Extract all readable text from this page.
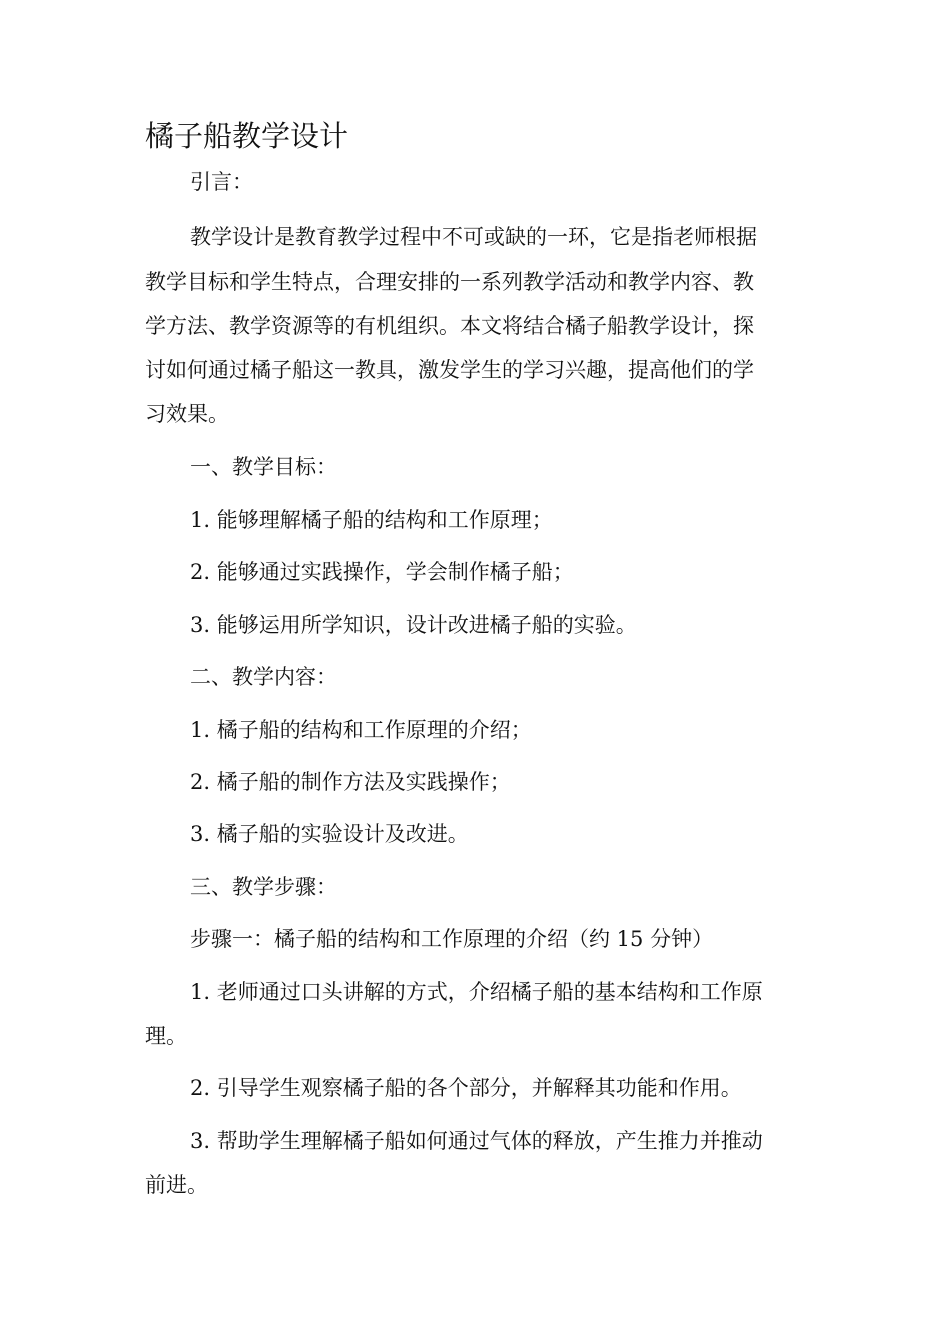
橘子船教学设计

引言：

教学设计是教育教学过程中不可或缺的一环，它是指老师根据

教学目标和学生特点，合理安排的一系列教学活动和教学内容、教

学方法、教学资源等的有机组织。本文将结合橘子船教学设计，探

讨如何通过橘子船这一教具，激发学生的学习兴趣，提高他们的学

习效果。

一、教学目标：

1. 能够理解橘子船的结构和工作原理；

2. 能够通过实践操作，学会制作橘子船；

3. 能够运用所学知识，设计改进橘子船的实验。

二、教学内容：

1. 橘子船的结构和工作原理的介绍；

2. 橘子船的制作方法及实践操作；

3. 橘子船的实验设计及改进。

三、教学步骤：

步骤一：橘子船的结构和工作原理的介绍（约 15 分钟）

1. 老师通过口头讲解的方式，介绍橘子船的基本结构和工作原

理。

2. 引导学生观察橘子船的各个部分，并解释其功能和作用。

3. 帮助学生理解橘子船如何通过气体的释放，产生推力并推动

前进。
